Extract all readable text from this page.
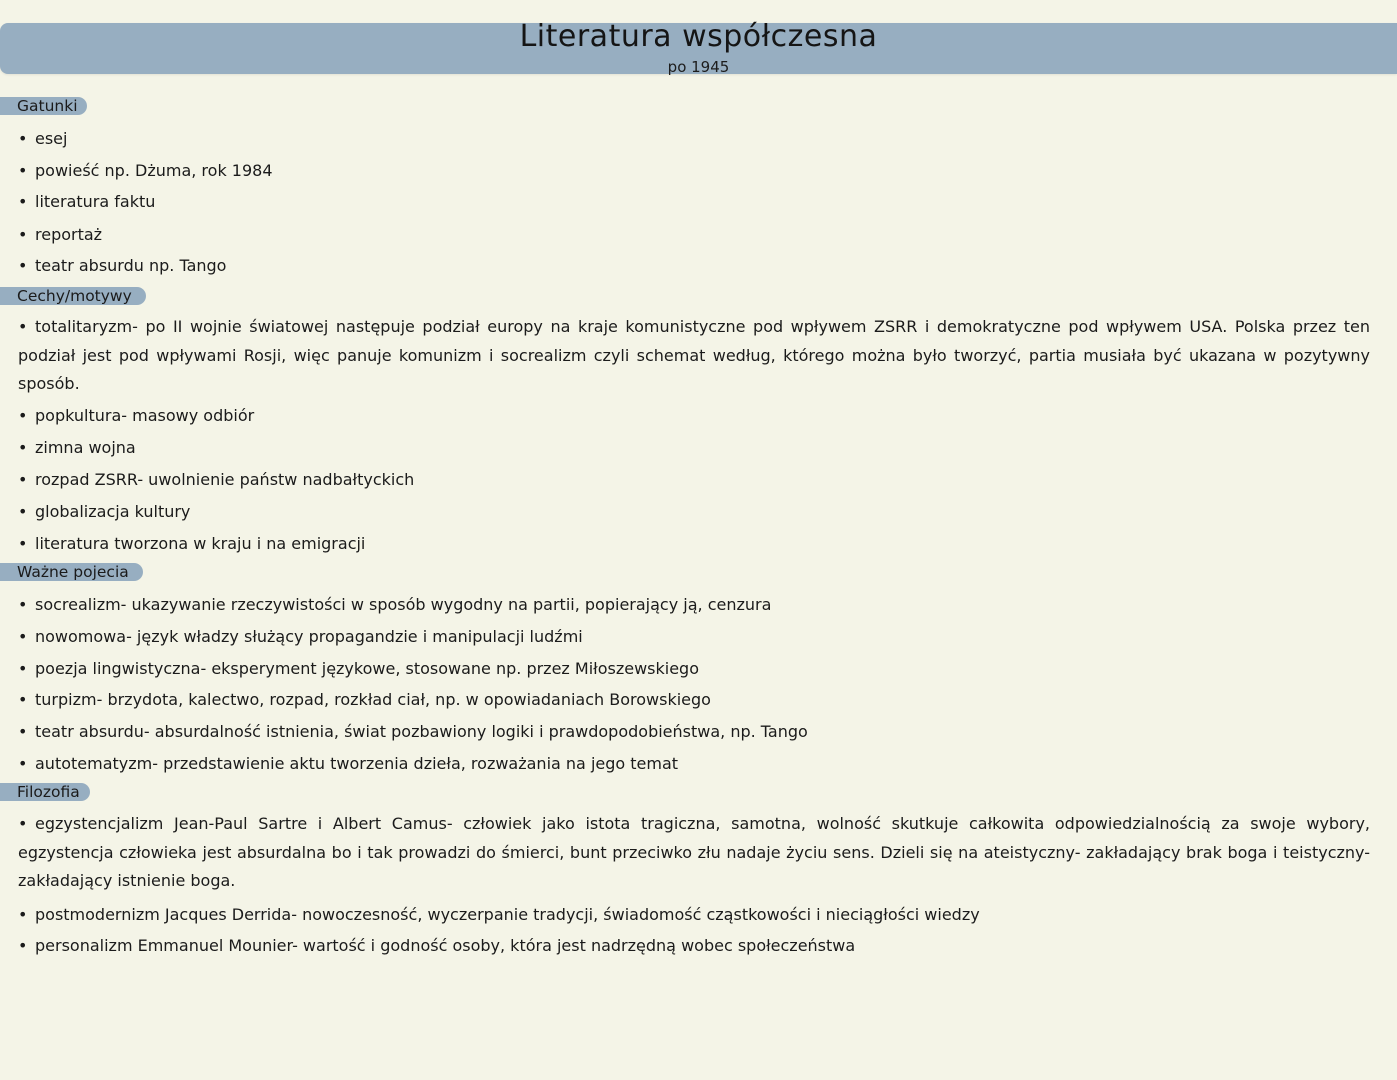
Literatura współczesna
po 1945
Gatunki
• esej
• powieść np. Dżuma, rok 1984
• literatura faktu
• reportaż
• teatr absurdu np. Tango
Cechy/motywy
• totalitaryzm- po II wojnie światowej następuje podział europy na kraje komunistyczne pod wpływem ZSRR i demokratyczne pod wpływem USA. Polska przez ten podział jest pod wpływami Rosji, więc panuje komunizm i socrealizm czyli schemat według, którego można było tworzyć, partia musiała być ukazana w pozytywny sposób.
• popkultura- masowy odbiór
• zimna wojna
• rozpad ZSRR- uwolnienie państw nadbałtyckich
• globalizacja kultury
• literatura tworzona w kraju i na emigracji
Ważne pojecia
• socrealizm- ukazywanie rzeczywistości w sposób wygodny na partii, popierający ją, cenzura
• nowomowa- język władzy służący propagandzie i manipulacji ludźmi
• poezja lingwistyczna- eksperyment językowe, stosowane np. przez Miłoszewskiego
• turpizm- brzydota, kalectwo, rozpad, rozkład ciał, np. w opowiadaniach Borowskiego
• teatr absurdu- absurdalność istnienia, świat pozbawiony logiki i prawdopodobieństwa, np. Tango
• autotematyzm- przedstawienie aktu tworzenia dzieła, rozważania na jego temat
Filozofia
• egzystencjalizm Jean-Paul Sartre i Albert Camus- człowiek jako istota tragiczna, samotna, wolność skutkuje całkowita odpowiedzialnością za swoje wybory, egzystencja człowieka jest absurdalna bo i tak prowadzi do śmierci, bunt przeciwko złu nadaje życiu sens. Dzieli się na ateistyczny- zakładający brak boga i teistyczny- zakładający istnienie boga.
• postmodernizm Jacques Derrida- nowoczesność, wyczerpanie tradycji, świadomość cząstkowości i nieciągłości wiedzy
• personalizm Emmanuel Mounier- wartość i godność osoby, która jest nadrzędną wobec społeczeństwa
